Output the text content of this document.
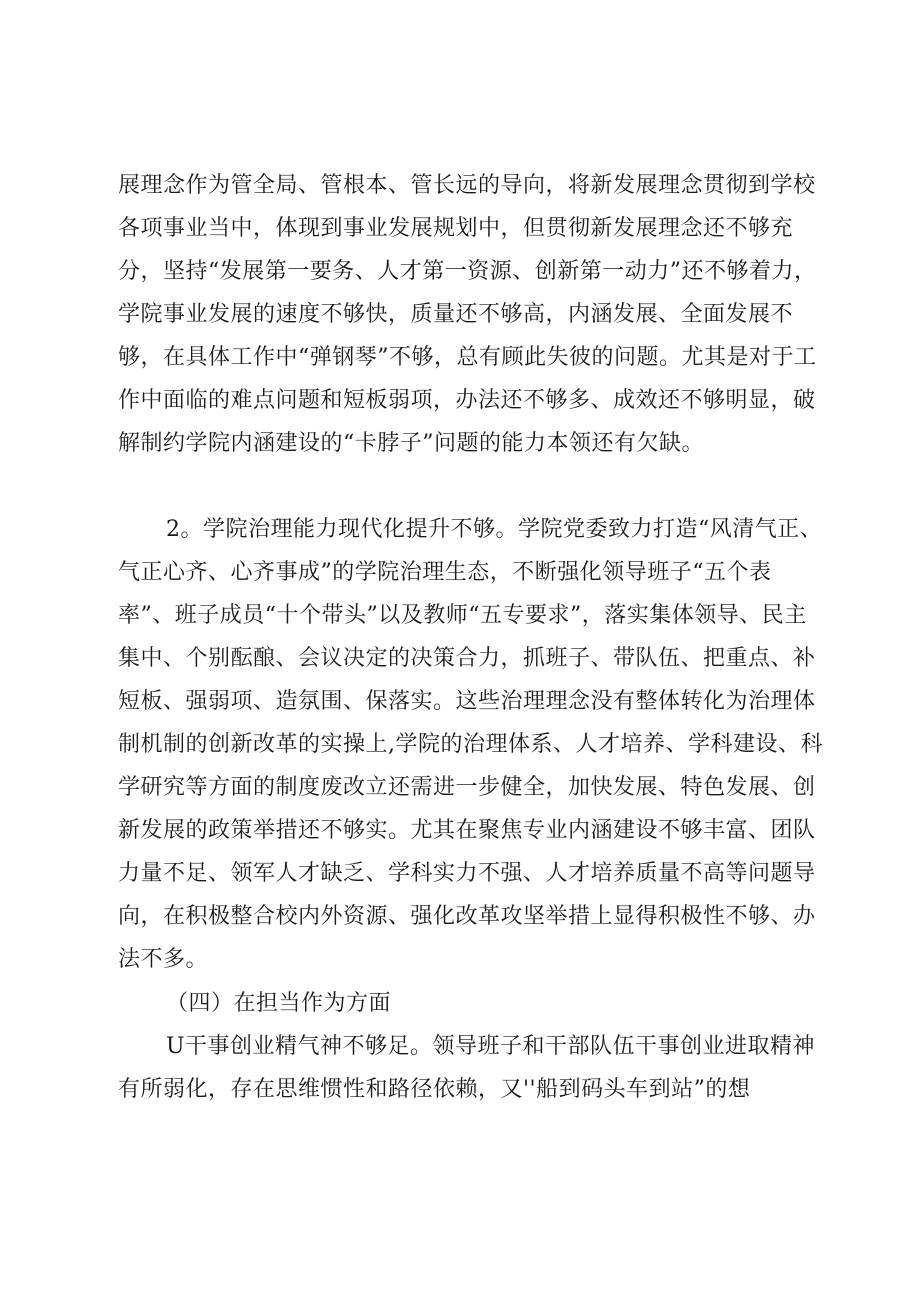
展理念作为管全局、管根本、管长远的导向，将新发展理念贯彻到学校各项事业当中，体现到事业发展规划中，但贯彻新发展理念还不够充分，坚持“发展第一要务、人才第一资源、创新第一动力”还不够着力，学院事业发展的速度不够快，质量还不够高，内涵发展、全面发展不够，在具体工作中“弹钢琴”不够，总有顾此失彼的问题。尤其是对于工作中面临的难点问题和短板弱项，办法还不够多、成效还不够明显，破解制约学院内涵建设的“卡脖子”问题的能力本领还有欠缺。

2。学院治理能力现代化提升不够。学院党委致力打造“风清气正、气正心齐、心齐事成”的学院治理生态，不断强化领导班子“五个表率”、班子成员“十个带头”以及教师“五专要求”，落实集体领导、民主集中、个别酝酿、会议决定的决策合力，抓班子、带队伍、把重点、补短板、强弱项、造氛围、保落实。这些治理理念没有整体转化为治理体制机制的创新改革的实操上,学院的治理体系、人才培养、学科建设、科学研究等方面的制度废改立还需进一步健全，加快发展、特色发展、创新发展的政策举措还不够实。尤其在聚焦专业内涵建设不够丰富、团队力量不足、领军人才缺乏、学科实力不强、人才培养质量不高等问题导向，在积极整合校内外资源、强化改革攻坚举措上显得积极性不够、办法不多。

（四）在担当作为方面

U干事创业精气神不够足。领导班子和干部队伍干事创业进取精神有所弱化，存在思维惯性和路径依赖，又''船到码头车到站”的想
